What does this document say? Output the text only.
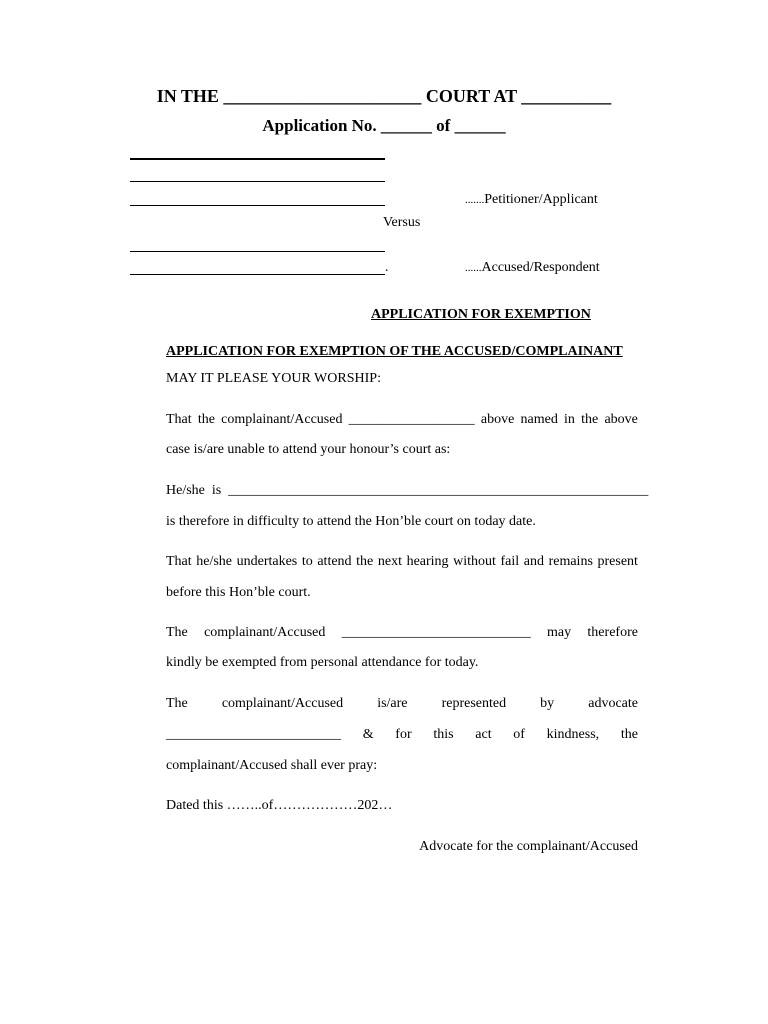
IN THE ______________________ COURT AT __________
Application No. ______ of ______
.......Petitioner/Applicant
Versus
.	......Accused/Respondent
APPLICATION FOR EXEMPTION
APPLICATION FOR EXEMPTION OF THE ACCUSED/COMPLAINANT
MAY IT PLEASE YOUR WORSHIP:
That the complainant/Accused __________________ above named in the above
case is/are unable to attend your honour’s court as:
He/she  is ____________________________________________________________
is therefore in difficulty to attend the Hon’ble court on today date.
That he/she undertakes to attend the next hearing without fail and remains present
before this Hon’ble court.
The complainant/Accused ___________________________ may therefore
kindly be exempted from personal attendance for today.
The complainant/Accused is/are represented by advocate
_________________________ & for this act of kindness, the
complainant/Accused shall ever pray:
Dated this ……..of………………202…
Advocate for the complainant/Accused
